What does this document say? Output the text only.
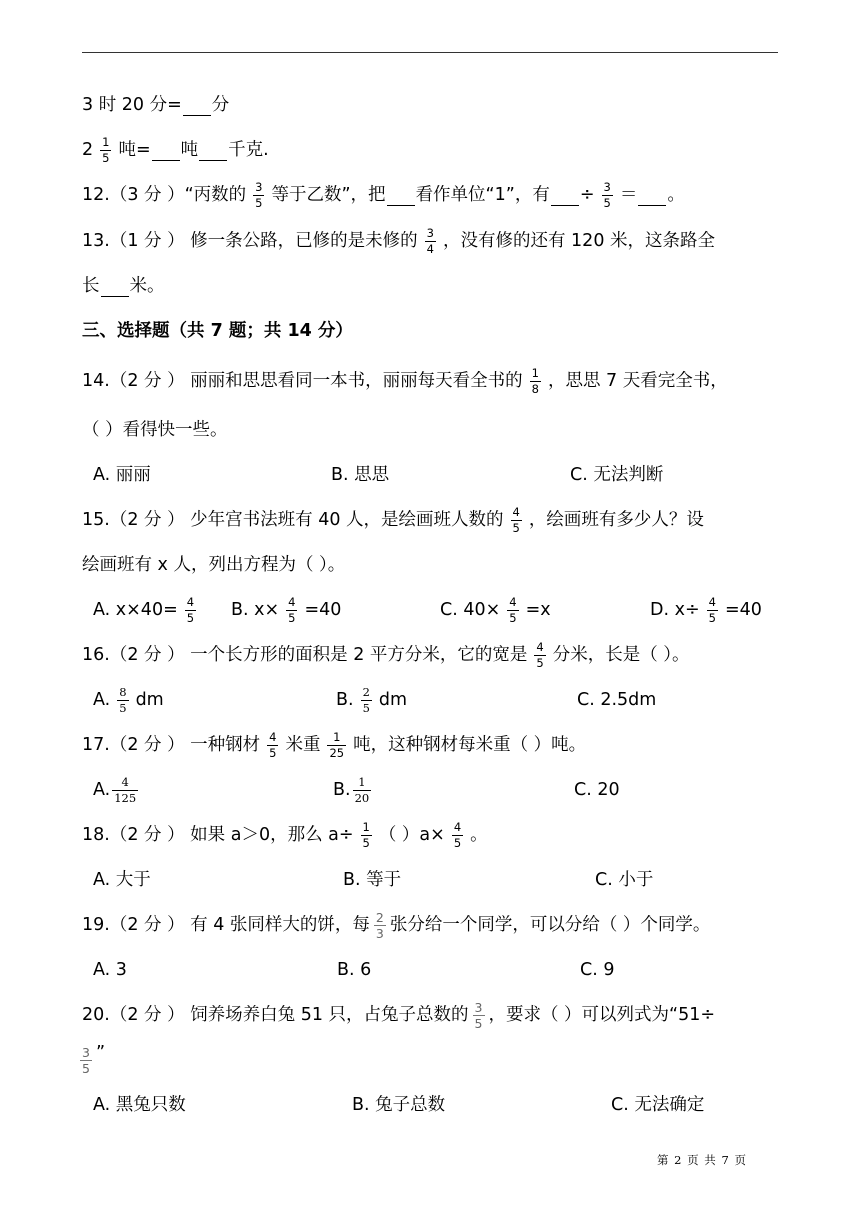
3 时 20 分= 分
$2 \frac{1}{5}$ 吨= 吨 千克.
12.（3 分 ）“丙数的 $\frac{3}{5}$ 等于乙数”，把 看作单位“1”，有 ÷ $\frac{3}{5}$ ＝ 。
13.（1 分 ） 修一条公路，已修的是未修的 $\frac{3}{4}$ ，没有修的还有 120 米，这条路全
长 米。
三、选择题（共 7 题；共 14 分）
14.（2 分 ） 丽丽和思思看同一本书，丽丽每天看全书的 $\frac{1}{8}$ ，思思 7 天看完全书，
（ ）看得快一些。
A. 丽丽	B. 思思	C. 无法判断
15.（2 分 ） 少年宫书法班有 40 人，是绘画班人数的 $\frac{4}{5}$ ，绘画班有多少人？设
绘画班有 x 人，列出方程为（ ）。
A. $x\times 40= \frac{4}{5} B$. $x\times \frac{4}{5} =40$	C. $40\times \frac{4}{5} =x$	D. $x\div \frac{4}{5} =40$
16.（2 分 ） 一个长方形的面积是 2 平方分米，它的宽是 $\frac{4}{5}$ 分米，长是（ ）。
A. $\frac{8}{5}$ dm	B. $\frac{2}{5}$ dm	C. 2.5dm
17.（2 分 ） 一种钢材 $\frac{4}{5}$ 米重 $\frac{1}{25}$ 吨，这种钢材每米重（ ）吨。
A. $\frac{4}{125}$	B. $\frac{1}{20}$	C. 20
18.（2 分 ） 如果 a＞0，那么 $a\div \frac{1}{5}$ （ ）$a\times \frac{4}{5}$ 。
A. 大于	B. 等于	C. 小于
19.（2 分 ） 有 4 张同样大的饼，每 $\frac{2}{3}$ 张分给一个同学，可以分给（ ）个同学。
A. 3	B. 6	C. 9
20.（2 分 ） 饲养场养白兔 51 只，占兔子总数的 $\frac{3}{5}$ ，要求（ ）可以列式为“51÷
$\frac{3}{5}$ ”
A. 黑兔只数	B. 兔子总数	C. 无法确定
第 2 页 共 7 页
